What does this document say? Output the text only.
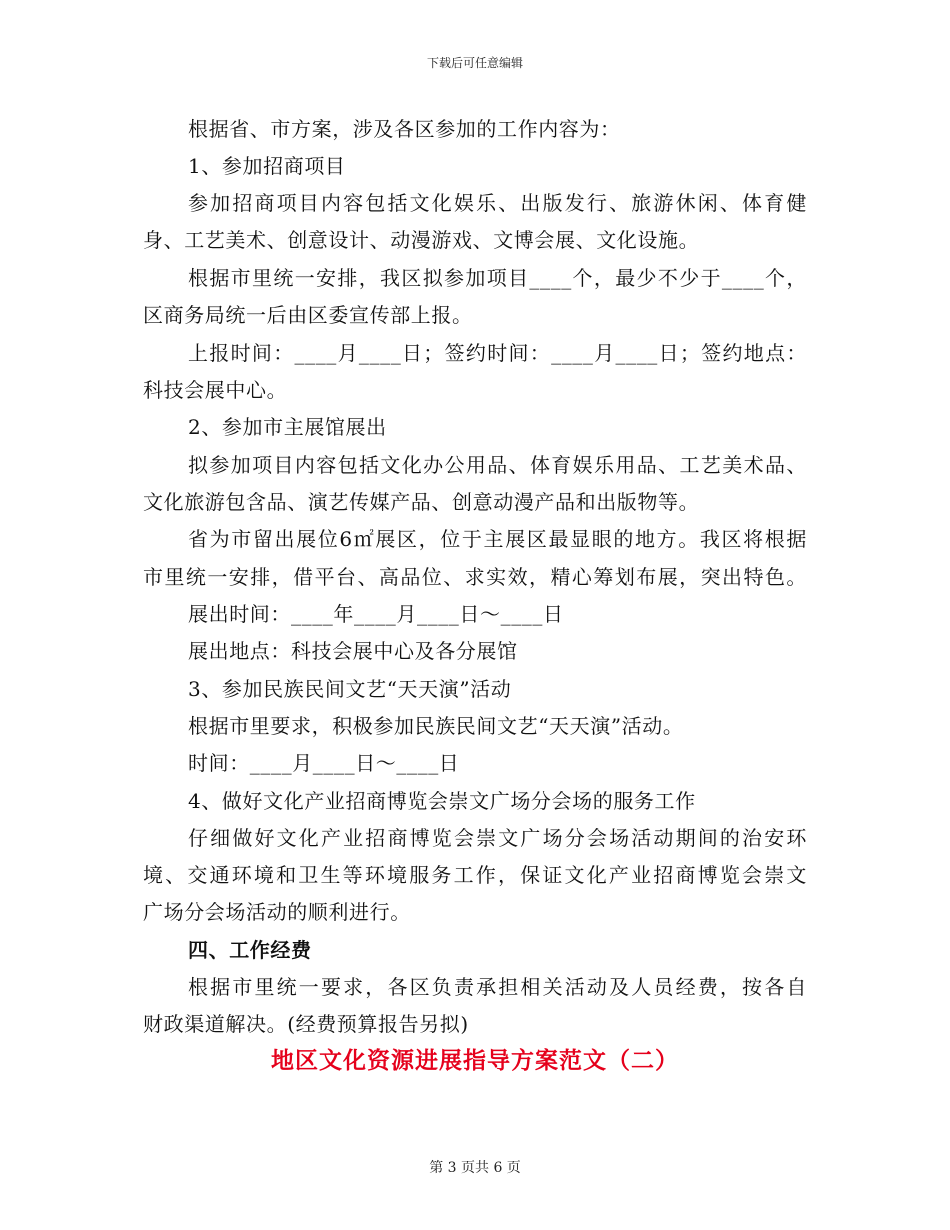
下载后可任意编辑
根据省、市方案，涉及各区参加的工作内容为：
1、参加招商项目
参加招商项目内容包括文化娱乐、出版发行、旅游休闲、体育健
身、工艺美术、创意设计、动漫游戏、文博会展、文化设施。
根据市里统一安排，我区拟参加项目____个，最少不少于____个，
区商务局统一后由区委宣传部上报。
上报时间：____月____日；签约时间：____月____日；签约地点：
科技会展中心。
2、参加市主展馆展出
拟参加项目内容包括文化办公用品、体育娱乐用品、工艺美术品、
文化旅游包含品、演艺传媒产品、创意动漫产品和出版物等。
省为市留出展位6㎡展区，位于主展区最显眼的地方。我区将根据
市里统一安排，借平台、高品位、求实效，精心筹划布展，突出特色。
展出时间：____年____月____日～____日
展出地点：科技会展中心及各分展馆
3、参加民族民间文艺“天天演”活动
根据市里要求，积极参加民族民间文艺“天天演”活动。
时间：____月____日～____日
4、做好文化产业招商博览会崇文广场分会场的服务工作
仔细做好文化产业招商博览会崇文广场分会场活动期间的治安环
境、交通环境和卫生等环境服务工作，保证文化产业招商博览会崇文
广场分会场活动的顺利进行。
四、工作经费
根据市里统一要求，各区负责承担相关活动及人员经费，按各自
财政渠道解决。(经费预算报告另拟)
地区文化资源进展指导方案范文（二）
第 3 页共 6 页
